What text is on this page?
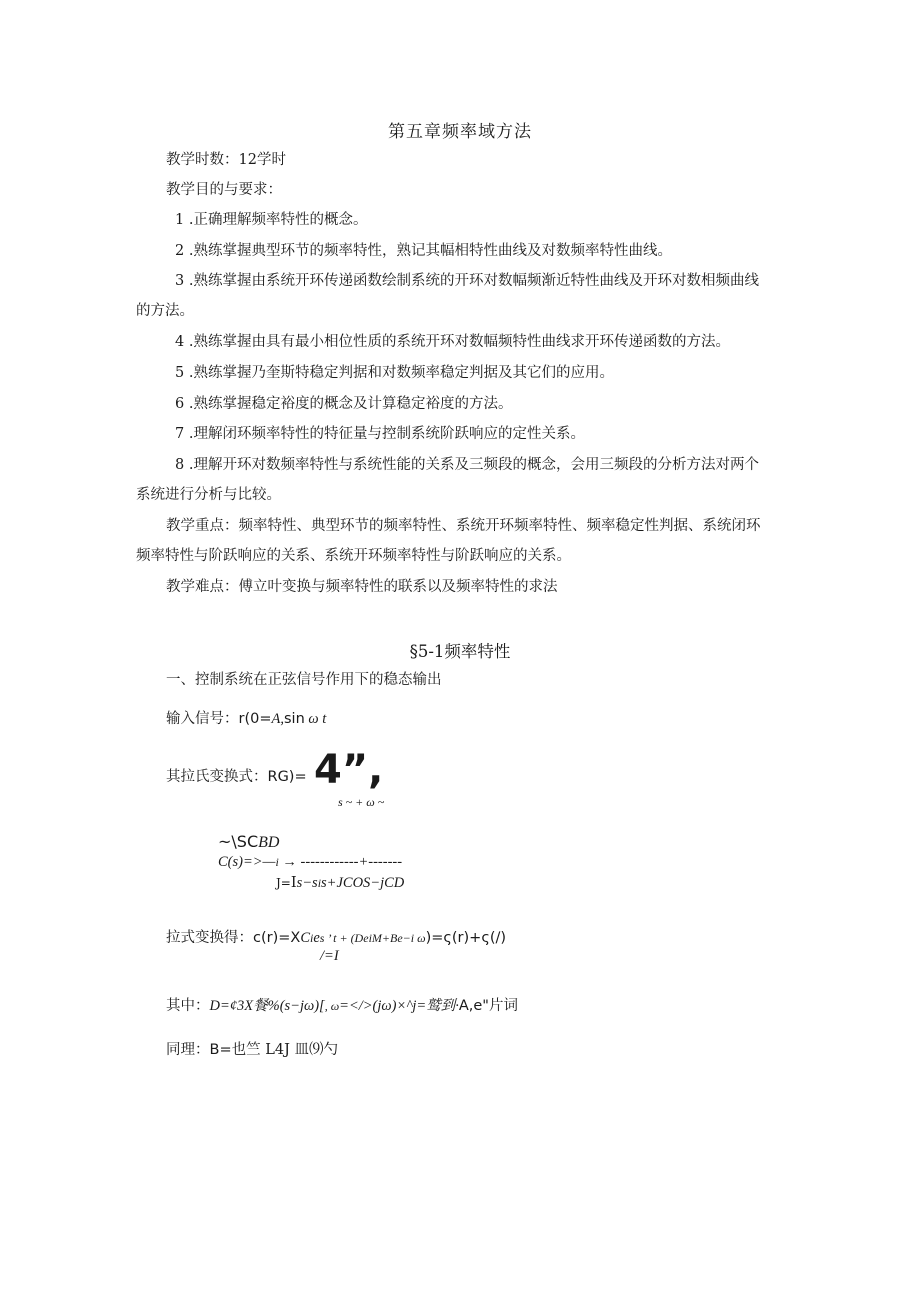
第五章频率域方法
教学时数：12学时
教学目的与要求：
1 .正确理解频率特性的概念。
2 .熟练掌握典型环节的频率特性，熟记其幅相特性曲线及对数频率特性曲线。
3 .熟练掌握由系统开环传递函数绘制系统的开环对数幅频渐近特性曲线及开环对数相频曲线
的方法。
4 .熟练掌握由具有最小相位性质的系统开环对数幅频特性曲线求开环传递函数的方法。
5 .熟练掌握乃奎斯特稳定判据和对数频率稳定判据及其它们的应用。
6 .熟练掌握稳定裕度的概念及计算稳定裕度的方法。
7 .理解闭环频率特性的特征量与控制系统阶跃响应的定性关系。
8 .理解开环对数频率特性与系统性能的关系及三频段的概念，会用三频段的分析方法对两个
系统进行分析与比较。
教学重点：频率特性、典型环节的频率特性、系统开环频率特性、频率稳定性判据、系统闭环
频率特性与阶跃响应的关系、系统开环频率特性与阶跃响应的关系。
教学难点：傅立叶变换与频率特性的联系以及频率特性的求法
§5-1频率特性
一、控制系统在正弦信号作用下的稳态输出
输入信号：r(0=A,sin ω t
其拉氏变换式：RG)= 4”,
s ~ + ω ~
~\SCBD
C(s)=>—i → ------------+-------
J=Is−sis+JCOS−jCD
拉式变换得：c(r)=XCies ’ t + (DeiM+Be−i ω)=ς(r)+ς(∕)
/=I
其中：D=¢3X餐%(s−jω)[, ω=</>(jω)×^j=鹫到·A,e"片词
同理：B=也竺 L4J 皿⑼勺
